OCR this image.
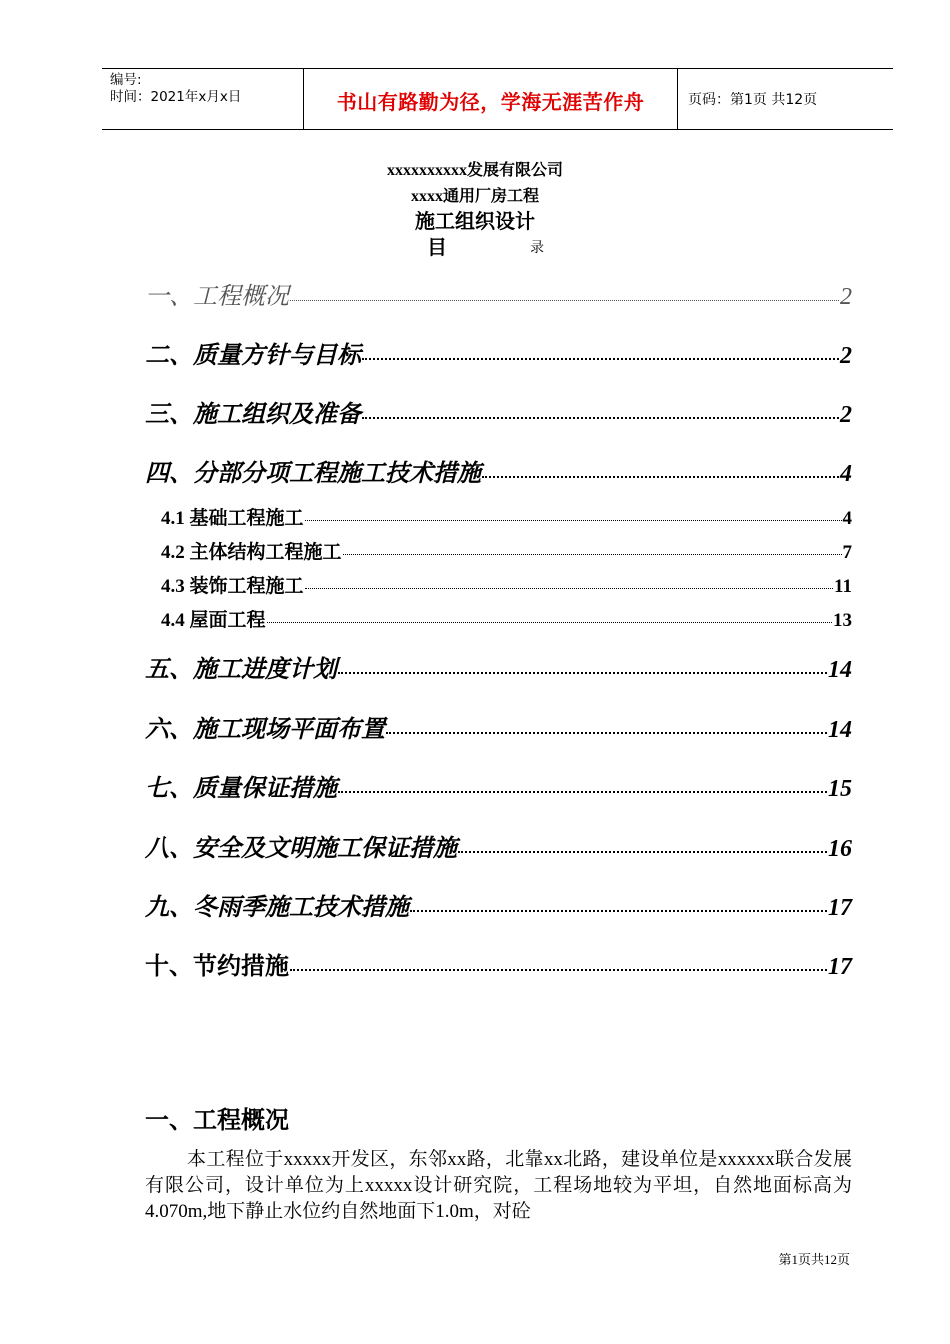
编号:
时间：2021年x月x日	书山有路勤为径，学海无涯苦作舟	页码：第1页 共12页
xxxxxxxxxx发展有限公司
xxxx通用厂房工程
施工组织设计
目	录
一、工程概况	2
二、质量方针与目标	2
三、施工组织及准备	2
四、分部分项工程施工技术措施	4
4.1 基础工程施工	4
4.2 主体结构工程施工	7
4.3 装饰工程施工	11
4.4 屋面工程	13
五、施工进度计划	14
六、施工现场平面布置	14
七、质量保证措施	15
八、安全及文明施工保证措施	16
九、冬雨季施工技术措施	17
十、节约措施	17
一、工程概况
本工程位于xxxxx开发区，东邻xx路，北靠xx北路，建设单位是xxxxxx联合发展有限公司，设计单位为上xxxxx设计研究院，工程场地较为平坦，自然地面标高为4.070m,地下静止水位约自然地面下1.0m，对砼
第1页共12页
